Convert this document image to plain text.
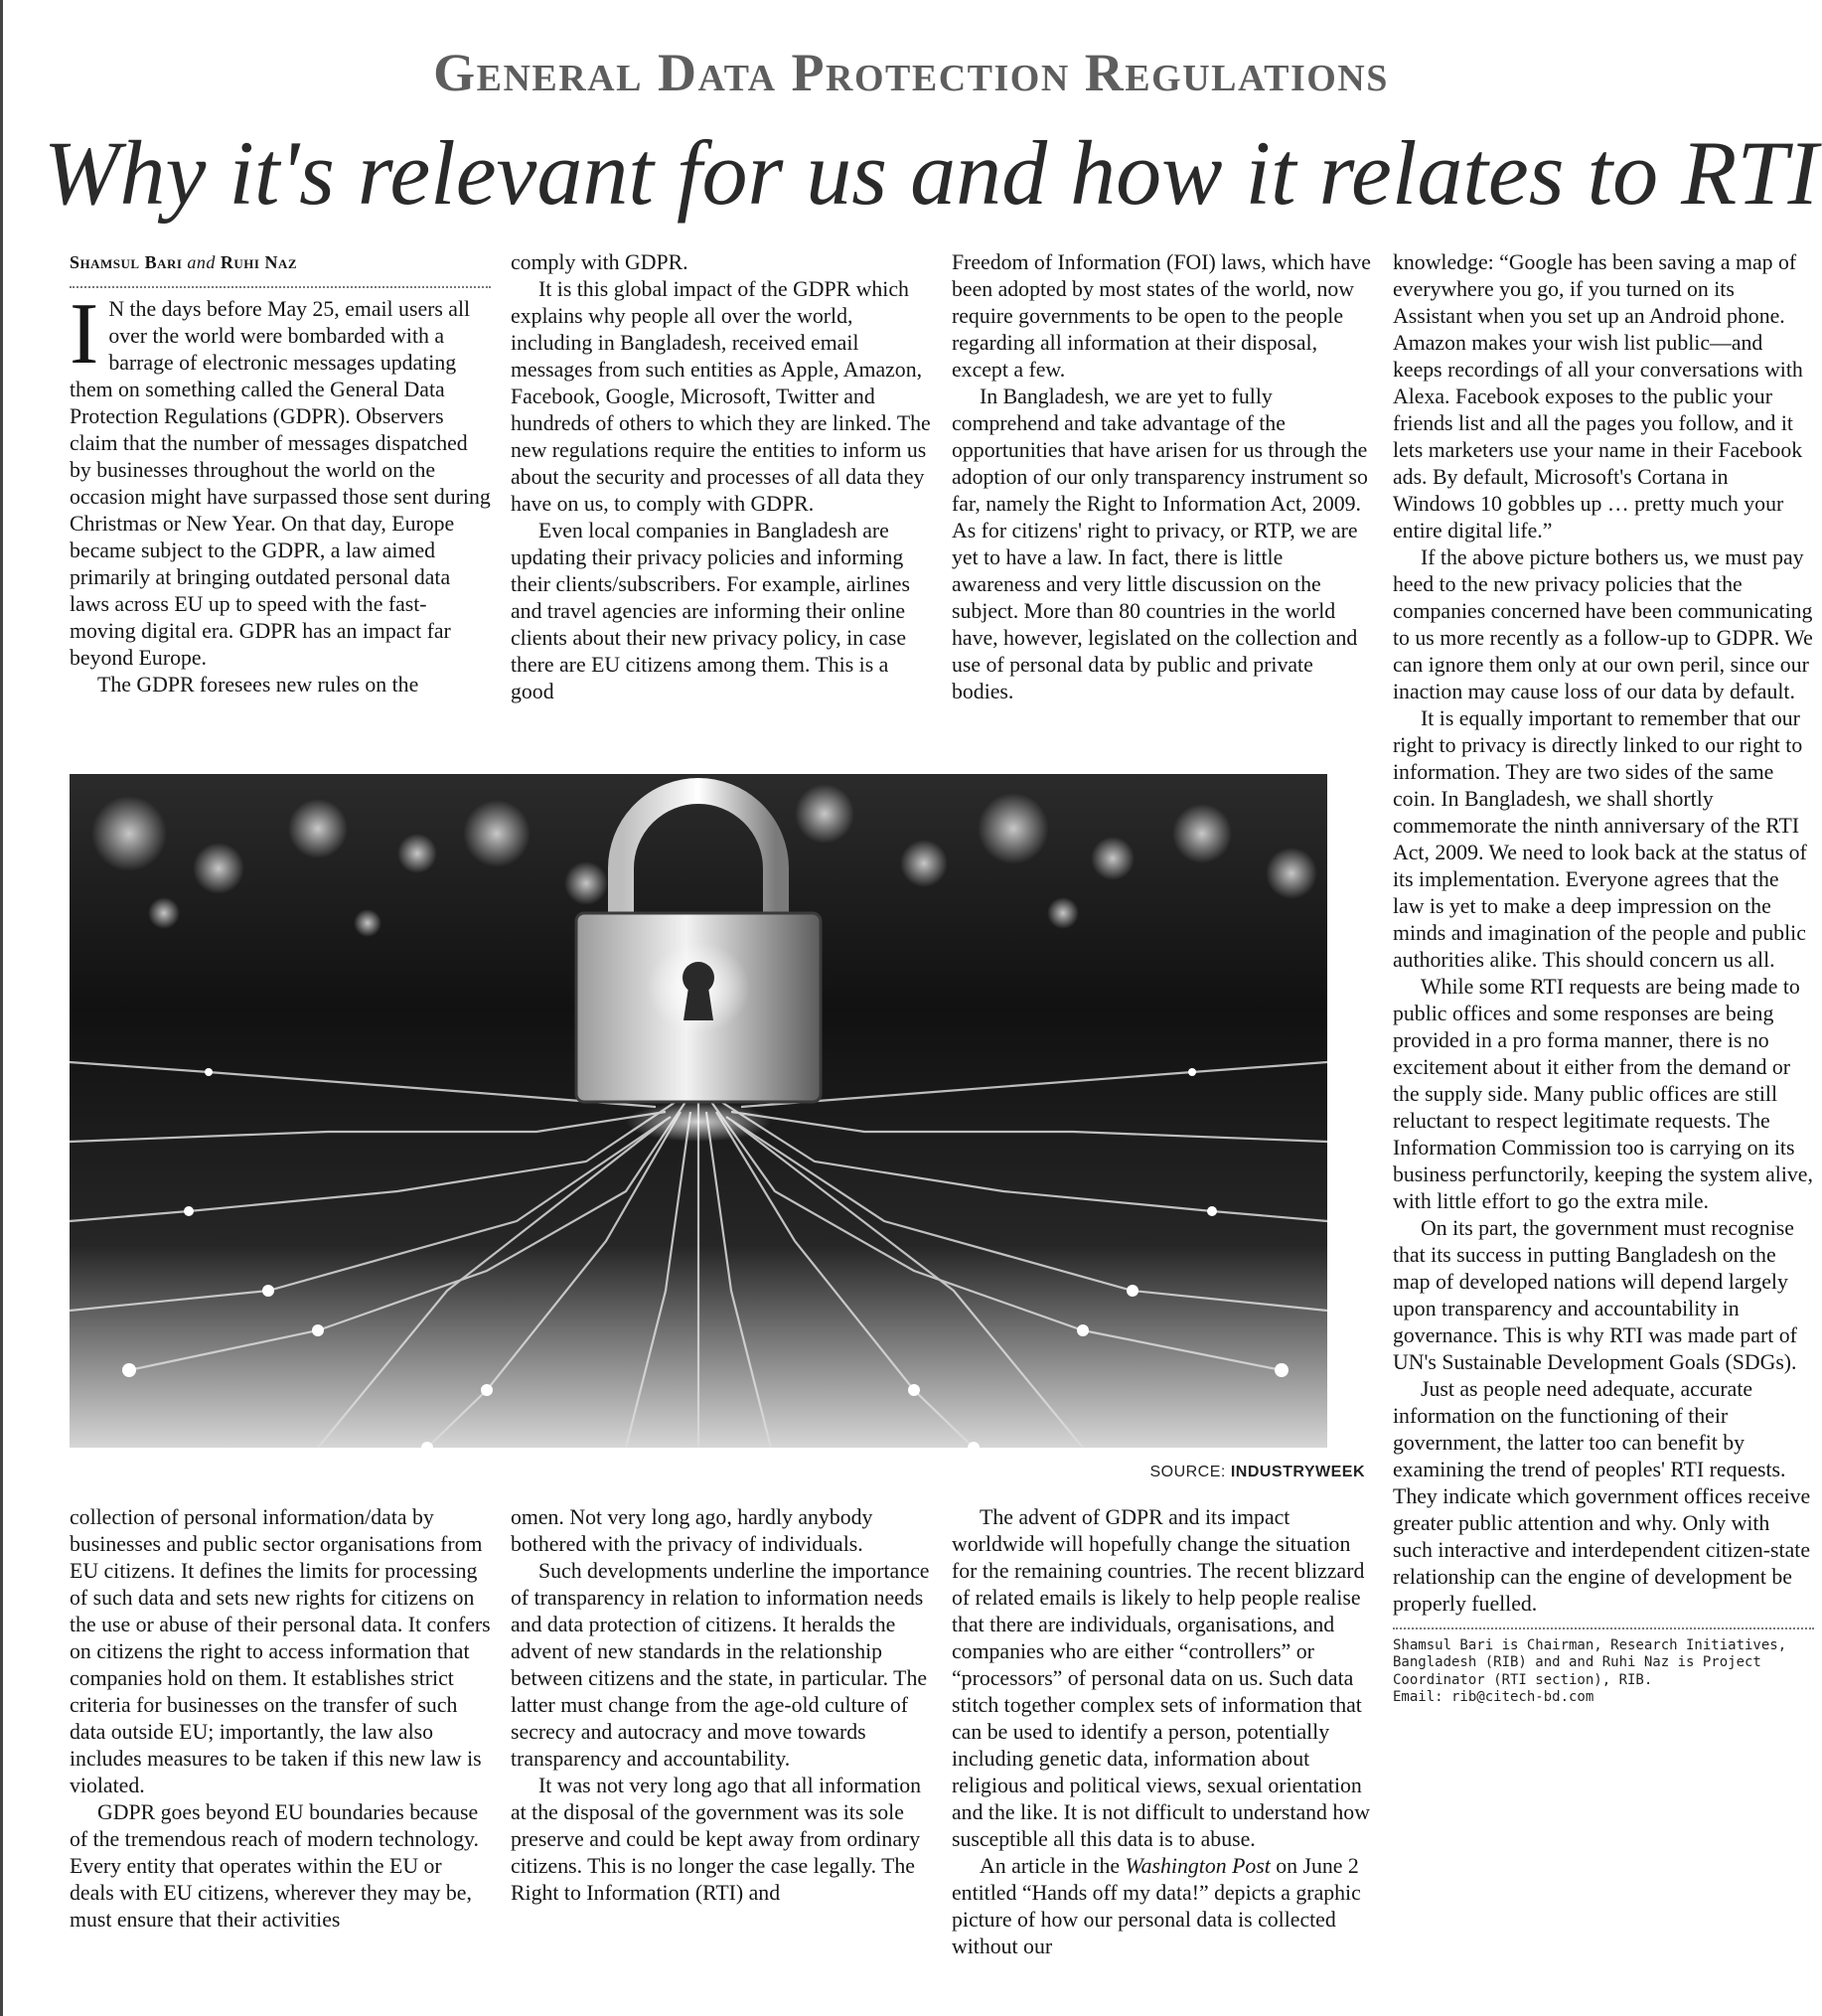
General Data Protection Regulations
Why it's relevant for us and how it relates to RTI

Shamsul Bari and Ruhi Naz

I N the days before May 25, email users all over the world were bombarded with a barrage of electronic messages updating them on something called the General Data Protection Regulations (GDPR). Observers claim that the number of messages dispatched by businesses throughout the world on the occasion might have surpassed those sent during Christmas or New Year. On that day, Europe became subject to the GDPR, a law aimed primarily at bringing outdated personal data laws across EU up to speed with the fast-moving digital era. GDPR has an impact far beyond Europe.

The GDPR foresees new rules on the

comply with GDPR.

It is this global impact of the GDPR which explains why people all over the world, including in Bangladesh, received email messages from such entities as Apple, Amazon, Facebook, Google, Microsoft, Twitter and hundreds of others to which they are linked. The new regulations require the entities to inform us about the security and processes of all data they have on us, to comply with GDPR.

Even local companies in Bangladesh are updating their privacy policies and informing their clients/subscribers. For example, airlines and travel agencies are informing their online clients about their new privacy policy, in case there are EU citizens among them. This is a good

Freedom of Information (FOI) laws, which have been adopted by most states of the world, now require governments to be open to the people regarding all information at their disposal, except a few.

In Bangladesh, we are yet to fully comprehend and take advantage of the opportunities that have arisen for us through the adoption of our only transparency instrument so far, namely the Right to Information Act, 2009. As for citizens' right to privacy, or RTP, we are yet to have a law. In fact, there is little awareness and very little discussion on the subject. More than 80 countries in the world have, however, legislated on the collection and use of personal data by public and private bodies.

knowledge: “Google has been saving a map of everywhere you go, if you turned on its Assistant when you set up an Android phone. Amazon makes your wish list public—and keeps recordings of all your conversations with Alexa. Facebook exposes to the public your friends list and all the pages you follow, and it lets marketers use your name in their Facebook ads. By default, Microsoft's Cortana in Windows 10 gobbles up … pretty much your entire digital life.”

If the above picture bothers us, we must pay heed to the new privacy policies that the companies concerned have been communicating to us more recently as a follow-up to GDPR. We can ignore them only at our own peril, since our inaction may cause loss of our data by default.

It is equally important to remember that our right to privacy is directly linked to our right to information. They are two sides of the same coin. In Bangladesh, we shall shortly commemorate the ninth anniversary of the RTI Act, 2009. We need to look back at the status of its implementation. Everyone agrees that the law is yet to make a deep impression on the minds and imagination of the people and public authorities alike. This should concern us all.

While some RTI requests are being made to public offices and some responses are being provided in a pro forma manner, there is no excitement about it either from the demand or the supply side. Many public offices are still reluctant to respect legitimate requests. The Information Commission too is carrying on its business perfunctorily, keeping the system alive, with little effort to go the extra mile.

On its part, the government must recognise that its success in putting Bangladesh on the map of developed nations will depend largely upon transparency and accountability in governance. This is why RTI was made part of UN's Sustainable Development Goals (SDGs).

Just as people need adequate, accurate information on the functioning of their government, the latter too can benefit by examining the trend of peoples' RTI requests. They indicate which government offices receive greater public attention and why. Only with such interactive and interdependent citizen-state relationship can the engine of development be properly fuelled.

Shamsul Bari is Chairman, Research Initiatives, Bangladesh (RIB) and and Ruhi Naz is Project Coordinator (RTI section), RIB.
Email: rib@citech-bd.com
SOURCE: INDUSTRYWEEK

collection of personal information/data by businesses and public sector organisations from EU citizens. It defines the limits for processing of such data and sets new rights for citizens on the use or abuse of their personal data. It confers on citizens the right to access information that companies hold on them. It establishes strict criteria for businesses on the transfer of such data outside EU; importantly, the law also includes measures to be taken if this new law is violated.

GDPR goes beyond EU boundaries because of the tremendous reach of modern technology. Every entity that operates within the EU or deals with EU citizens, wherever they may be, must ensure that their activities

omen. Not very long ago, hardly anybody bothered with the privacy of individuals.

Such developments underline the importance of transparency in relation to information needs and data protection of citizens. It heralds the advent of new standards in the relationship between citizens and the state, in particular. The latter must change from the age-old culture of secrecy and autocracy and move towards transparency and accountability.

It was not very long ago that all information at the disposal of the government was its sole preserve and could be kept away from ordinary citizens. This is no longer the case legally. The Right to Information (RTI) and

The advent of GDPR and its impact worldwide will hopefully change the situation for the remaining countries. The recent blizzard of related emails is likely to help people realise that there are individuals, organisations, and companies who are either “controllers” or “processors” of personal data on us. Such data stitch together complex sets of information that can be used to identify a person, potentially including genetic data, information about religious and political views, sexual orientation and the like. It is not difficult to understand how susceptible all this data is to abuse.

An article in the Washington Post on June 2 entitled “Hands off my data!” depicts a graphic picture of how our personal data is collected without our
